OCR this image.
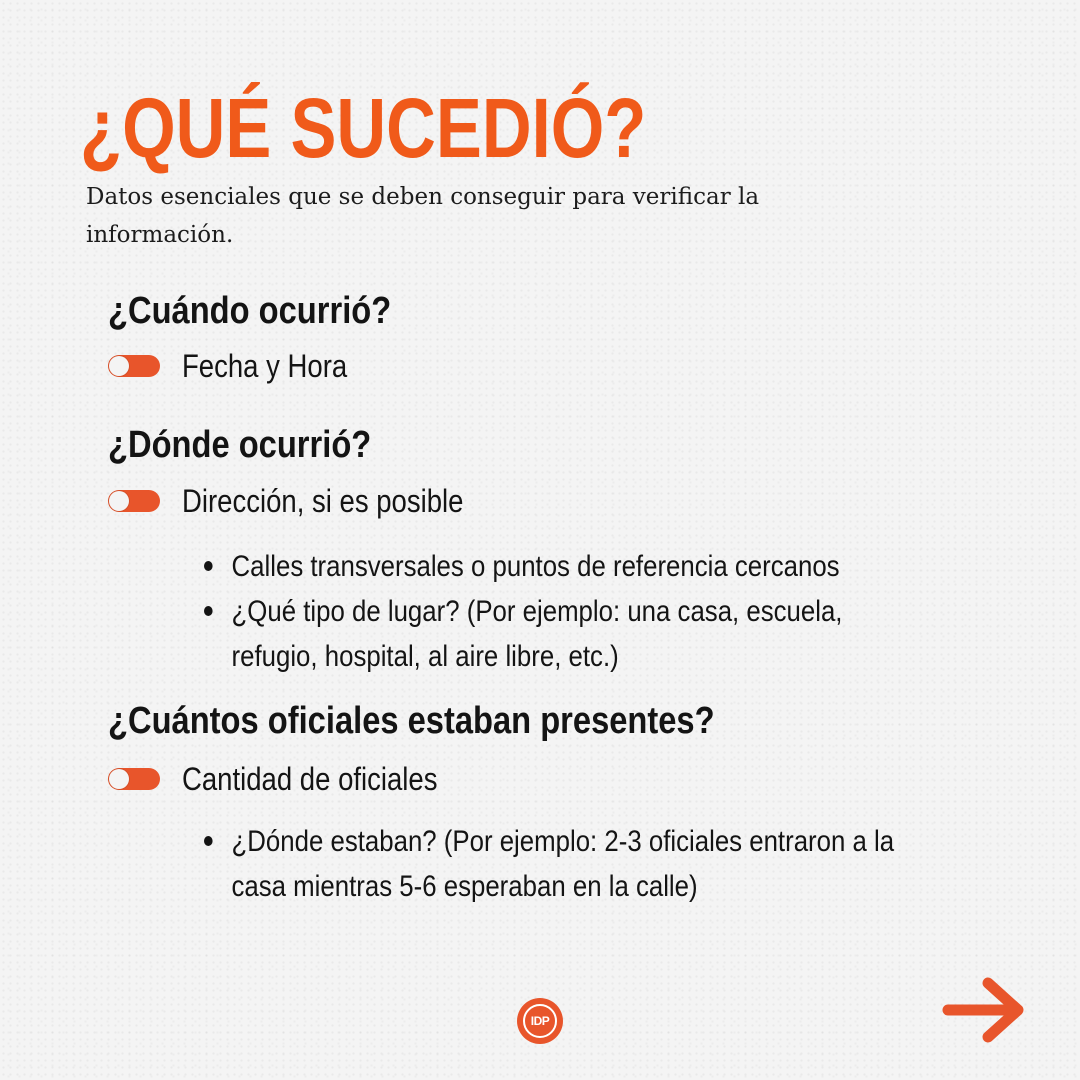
¿QUÉ SUCEDIÓ?

Datos esenciales que se deben conseguir para verificar la información.

¿Cuándo ocurrió?
Fecha y Hora
¿Dónde ocurrió?
Dirección, si es posible
Calles transversales o puntos de referencia cercanos
¿Qué tipo de lugar? (Por ejemplo: una casa, escuela, refugio, hospital, al aire libre, etc.)
¿Cuántos oficiales estaban presentes?
Cantidad de oficiales
¿Dónde estaban? (Por ejemplo: 2-3 oficiales entraron a la casa mientras 5-6 esperaban en la calle)
IDP
